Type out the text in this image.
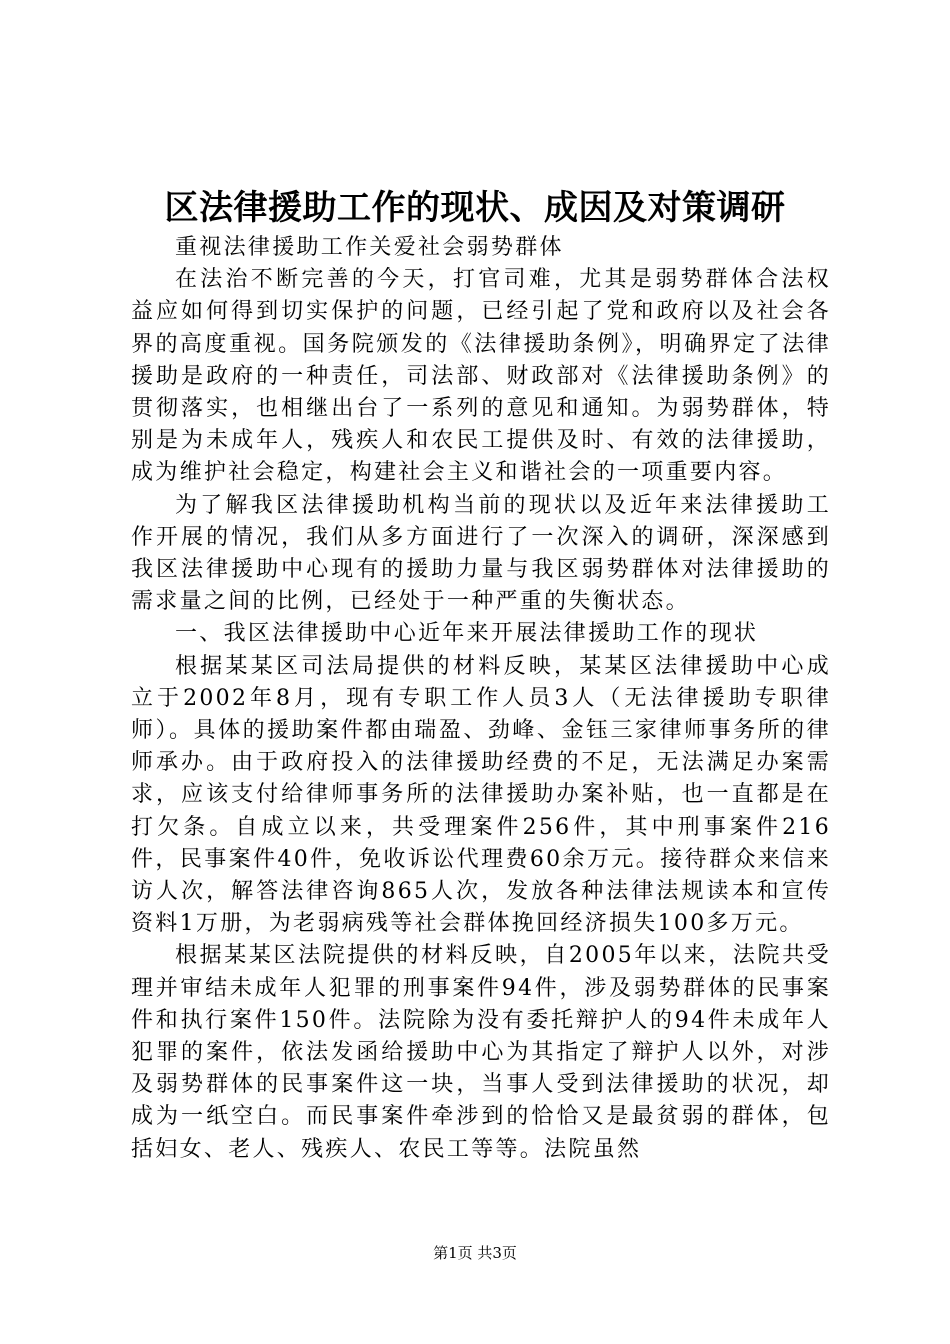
区法律援助工作的现状、成因及对策调研

重视法律援助工作关爱社会弱势群体

在法治不断完善的今天，打官司难，尤其是弱势群体合法权益应如何得到切实保护的问题，已经引起了党和政府以及社会各界的高度重视。国务院颁发的《法律援助条例》，明确界定了法律援助是政府的一种责任，司法部、财政部对《法律援助条例》的贯彻落实，也相继出台了一系列的意见和通知。为弱势群体，特别是为未成年人，残疾人和农民工提供及时、有效的法律援助，成为维护社会稳定，构建社会主义和谐社会的一项重要内容。

为了解我区法律援助机构当前的现状以及近年来法律援助工作开展的情况，我们从多方面进行了一次深入的调研，深深感到我区法律援助中心现有的援助力量与我区弱势群体对法律援助的需求量之间的比例，已经处于一种严重的失衡状态。

一、我区法律援助中心近年来开展法律援助工作的现状

根据某某区司法局提供的材料反映，某某区法律援助中心成立于2002年8月，现有专职工作人员3人（无法律援助专职律师）。具体的援助案件都由瑞盈、劲峰、金钰三家律师事务所的律师承办。由于政府投入的法律援助经费的不足，无法满足办案需求，应该支付给律师事务所的法律援助办案补贴，也一直都是在打欠条。自成立以来，共受理案件256件，其中刑事案件216件，民事案件40件，免收诉讼代理费60余万元。接待群众来信来访人次，解答法律咨询865人次，发放各种法律法规读本和宣传资料1万册，为老弱病残等社会群体挽回经济损失100多万元。

根据某某区法院提供的材料反映，自2005年以来，法院共受理并审结未成年人犯罪的刑事案件94件，涉及弱势群体的民事案件和执行案件150件。法院除为没有委托辩护人的94件未成年人犯罪的案件，依法发函给援助中心为其指定了辩护人以外，对涉及弱势群体的民事案件这一块，当事人受到法律援助的状况，却成为一纸空白。而民事案件牵涉到的恰恰又是最贫弱的群体，包括妇女、老人、残疾人、农民工等等。法院虽然

第1页 共3页
